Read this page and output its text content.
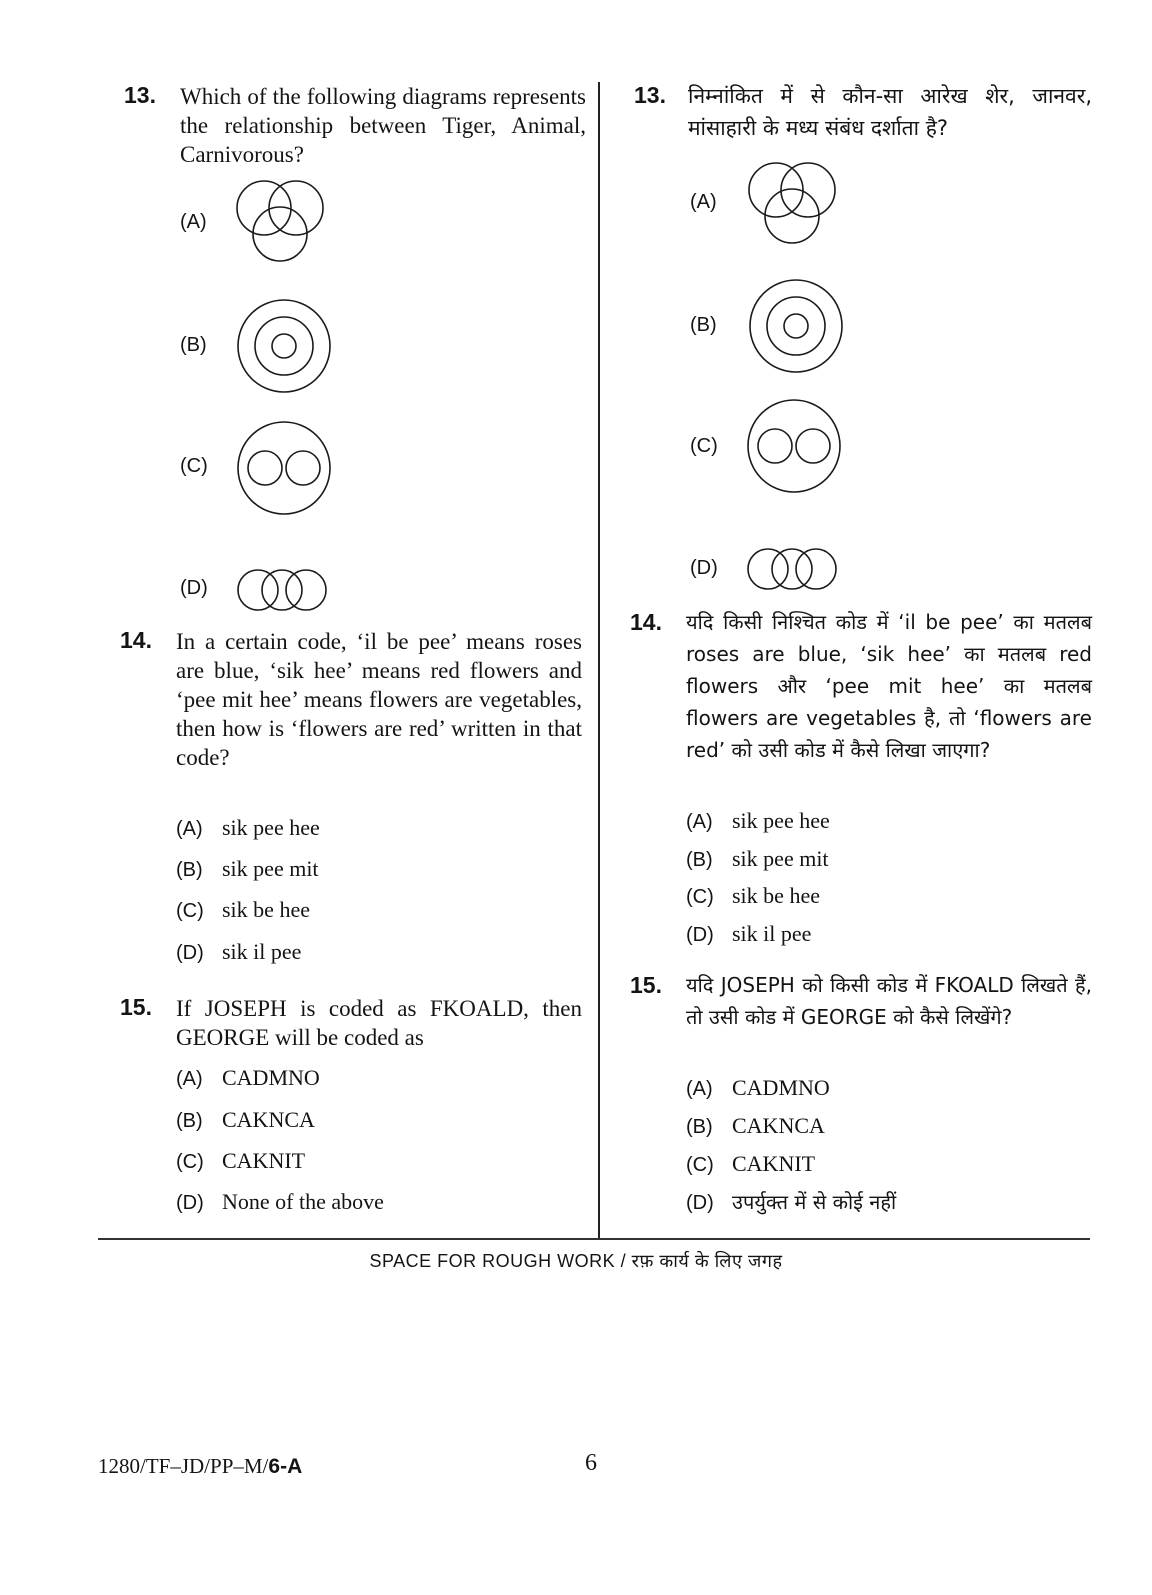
13. Which of the following diagrams represents the relationship between Tiger, Animal, Carnivorous?
(A)
(B)
(C)
(D)
14. In a certain code, ‘il be pee’ means roses are blue, ‘sik hee’ means red flowers and ‘pee mit hee’ means flowers are vegetables, then how is ‘flowers are red’ written in that code?
(A) sik pee hee
(B) sik pee mit
(C) sik be hee
(D) sik il pee
15. If JOSEPH is coded as FKOALD, then GEORGE will be coded as
(A) CADMNO
(B) CAKNCA
(C) CAKNIT
(D) None of the above
13. निम्नांकित में से कौन-सा आरेख शेर, जानवर, मांसाहारी के मध्य संबंध दर्शाता है?
(A)
(B)
(C)
(D)
14. यदि किसी निश्चित कोड में ‘il be pee’ का मतलब roses are blue, ‘sik hee’ का मतलब red flowers और ‘pee mit hee’ का मतलब flowers are vegetables है, तो ‘flowers are red’ को उसी कोड में कैसे लिखा जाएगा?
(A) sik pee hee
(B) sik pee mit
(C) sik be hee
(D) sik il pee
15. यदि JOSEPH को किसी कोड में FKOALD लिखते हैं, तो उसी कोड में GEORGE को कैसे लिखेंगे?
(A) CADMNO
(B) CAKNCA
(C) CAKNIT
(D) उपर्युक्त में से कोई नहीं
SPACE FOR ROUGH WORK / रफ़ कार्य के लिए जगह
1280/TF–JD/PP–M/6-A	6
